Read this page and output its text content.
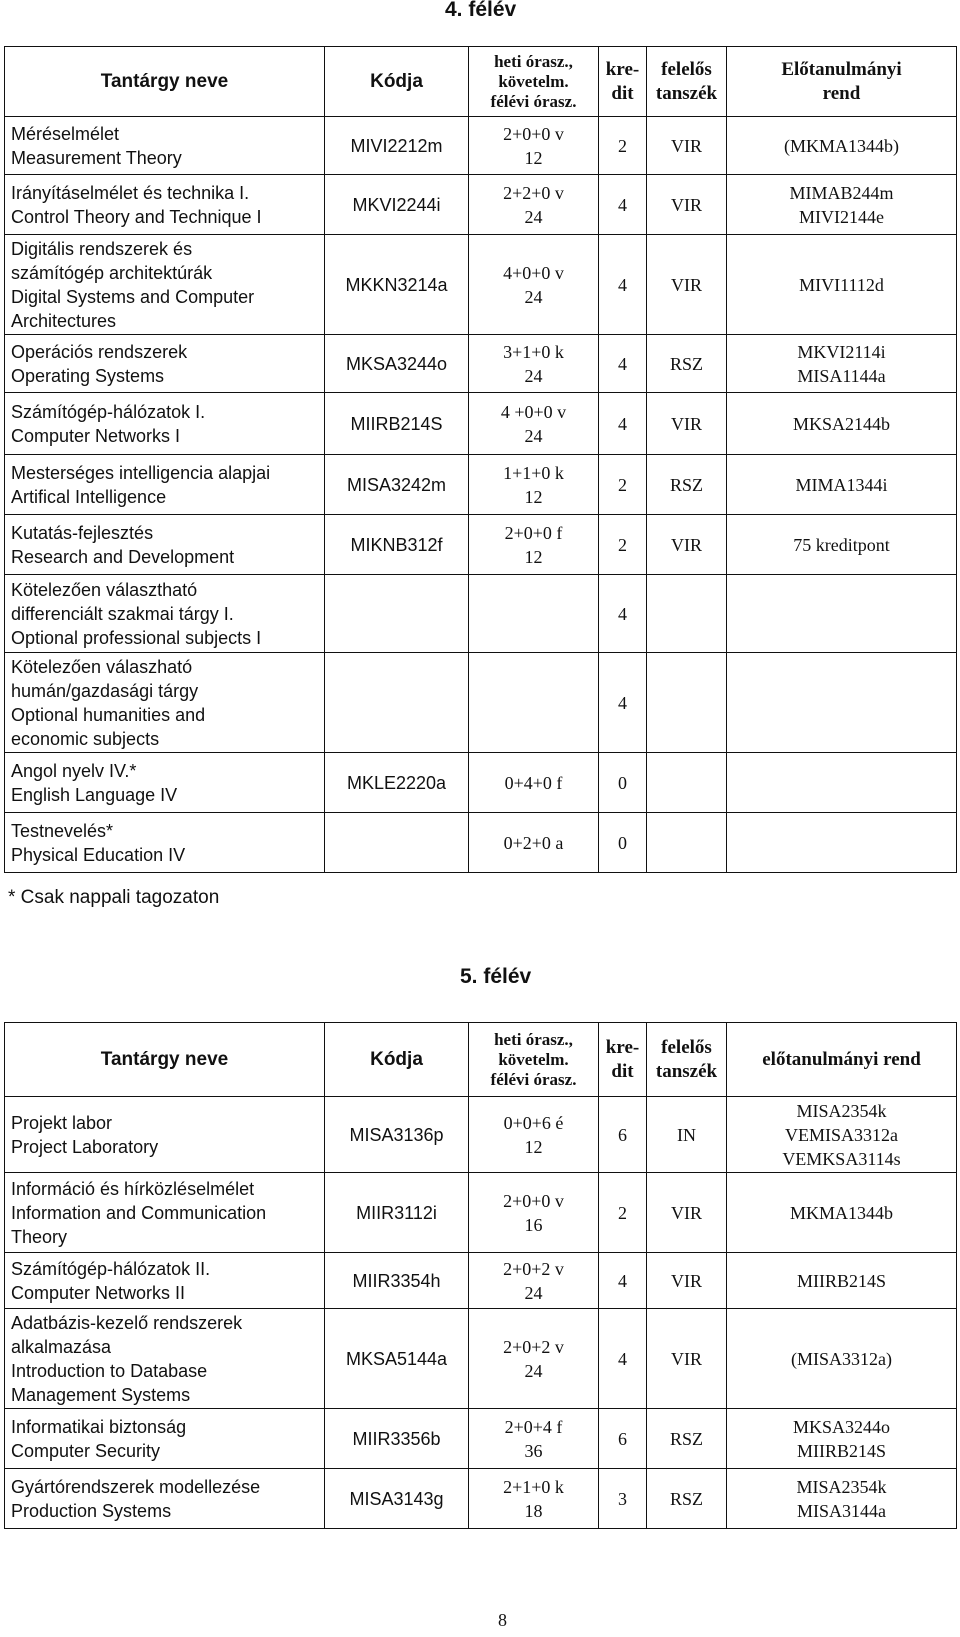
4. félév
Tantárgy neve	Kódja	heti órasz.,
követelm.
félévi órasz.	kre-
dit	felelős
tanszék	Előtanulmányi
rend
Méréselmélet
Measurement Theory	MIVI2212m	2+0+0 v
12	2	VIR	(MKMA1344b)
Irányításelmélet és technika I.
Control Theory and Technique I	MKVI2244i	2+2+0 v
24	4	VIR	MIMAB244m
MIVI2144e
Digitális rendszerek és
számítógép architektúrák
Digital Systems and Computer
Architectures	MKKN3214a	4+0+0 v
24	4	VIR	MIVI1112d
Operációs rendszerek
Operating Systems	MKSA3244o	3+1+0 k
24	4	RSZ	MKVI2114i
MISA1144a
Számítógép-hálózatok I.
Computer Networks I	MIIRB214S	4 +0+0 v
24	4	VIR	MKSA2144b
Mesterséges intelligencia alapjai
Artifical Intelligence	MISA3242m	1+1+0 k
12	2	RSZ	MIMA1344i
Kutatás-fejlesztés
Research and Development	MIKNB312f	2+0+0 f
12	2	VIR	75 kreditpont
Kötelezően választható
differenciált szakmai tárgy I.
Optional professional subjects I			4		
Kötelezően válaszható
humán/gazdasági tárgy
Optional humanities and
economic subjects			4		
Angol nyelv IV.*
English Language IV	MKLE2220a	0+4+0 f	0		
Testnevelés*
Physical Education IV		0+2+0 a	0		
* Csak nappali tagozaton
5. félév
Tantárgy neve	Kódja	heti órasz.,
követelm.
félévi órasz.	kre-
dit	felelős
tanszék	előtanulmányi rend
Projekt labor
Project Laboratory	MISA3136p	0+0+6 é
12	6	IN	MISA2354k
VEMISA3312a
VEMKSA3114s
Információ és hírközléselmélet
Information and Communication
Theory	MIIR3112i	2+0+0 v
16	2	VIR	MKMA1344b
Számítógép-hálózatok II.
Computer Networks II	MIIR3354h	2+0+2 v
24	4	VIR	MIIRB214S
Adatbázis-kezelő rendszerek
alkalmazása
Introduction to Database
Management Systems	MKSA5144a	2+0+2 v
24	4	VIR	(MISA3312a)
Informatikai biztonság
Computer Security	MIIR3356b	2+0+4 f
36	6	RSZ	MKSA3244o
MIIRB214S
Gyártórendszerek modellezése
Production Systems	MISA3143g	2+1+0 k
18	3	RSZ	MISA2354k
MISA3144a
8
